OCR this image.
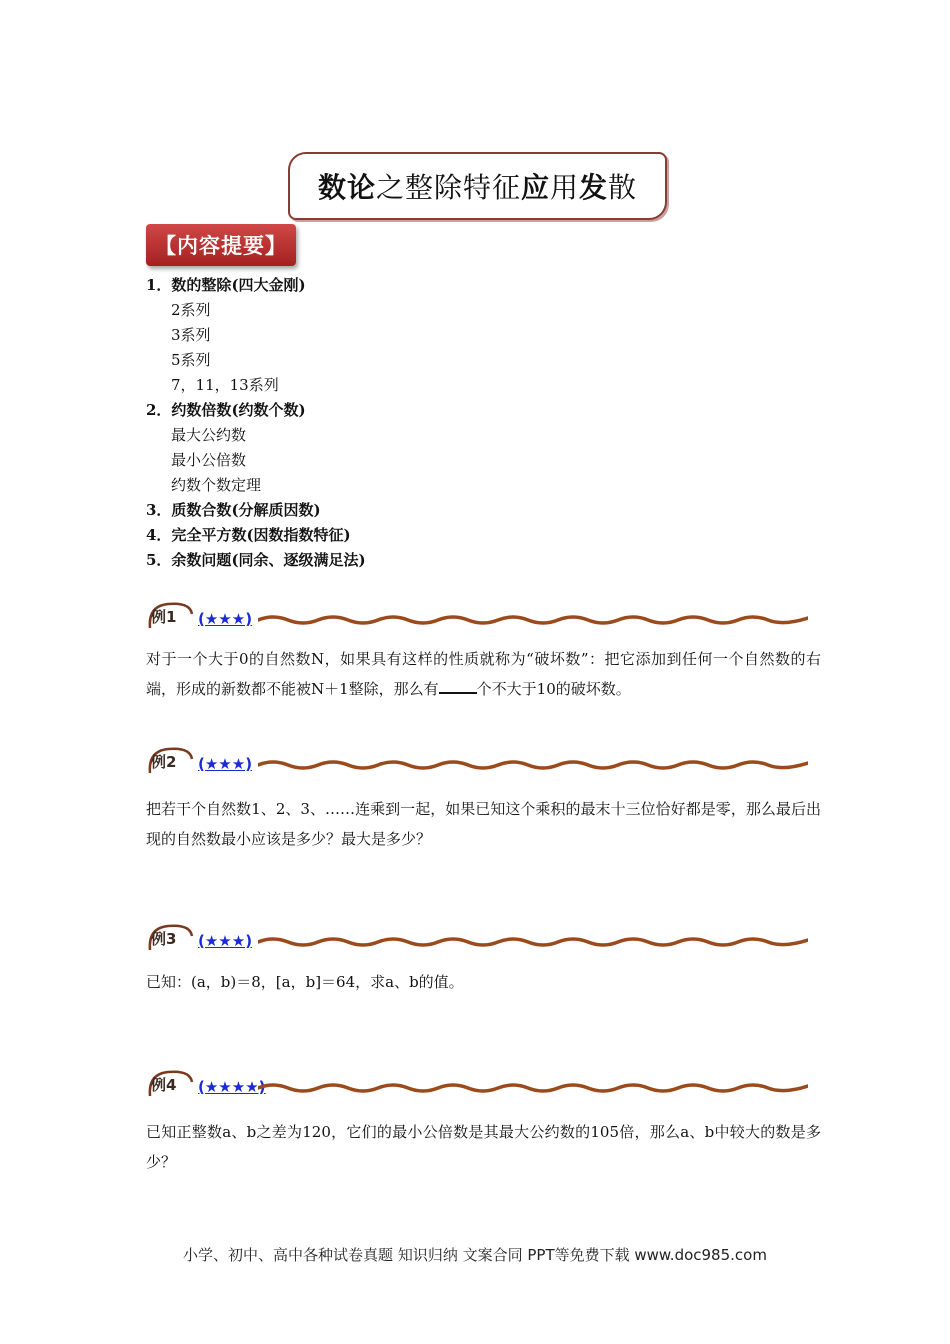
数论之整除特征应用发散
【内容提要】
1．数的整除(四大金刚)
2系列
3系列
5系列
7，11，13系列
2．约数倍数(约数个数)
最大公约数
最小公倍数
约数个数定理
3．质数合数(分解质因数)
4．完全平方数(因数指数特征)
5．余数问题(同余、逐级满足法)
例1 (★★★)
对于一个大于0的自然数N，如果具有这样的性质就称为“破坏数”：把它添加到任何一个自然数的右端，形成的新数都不能被N＋1整除，那么有	个不大于10的破坏数。
例2 (★★★)
把若干个自然数1、2、3、……连乘到一起，如果已知这个乘积的最末十三位恰好都是零，那么最后出现的自然数最小应该是多少？最大是多少？
例3 (★★★)
已知：(a，b)＝8，[a，b]＝64，求a、b的值。
例4 (★★★★)
已知正整数a、b之差为120，它们的最小公倍数是其最大公约数的105倍，那么a、b中较大的数是多少？
小学、初中、高中各种试卷真题 知识归纳 文案合同 PPT等免费下载 www.doc985.com
